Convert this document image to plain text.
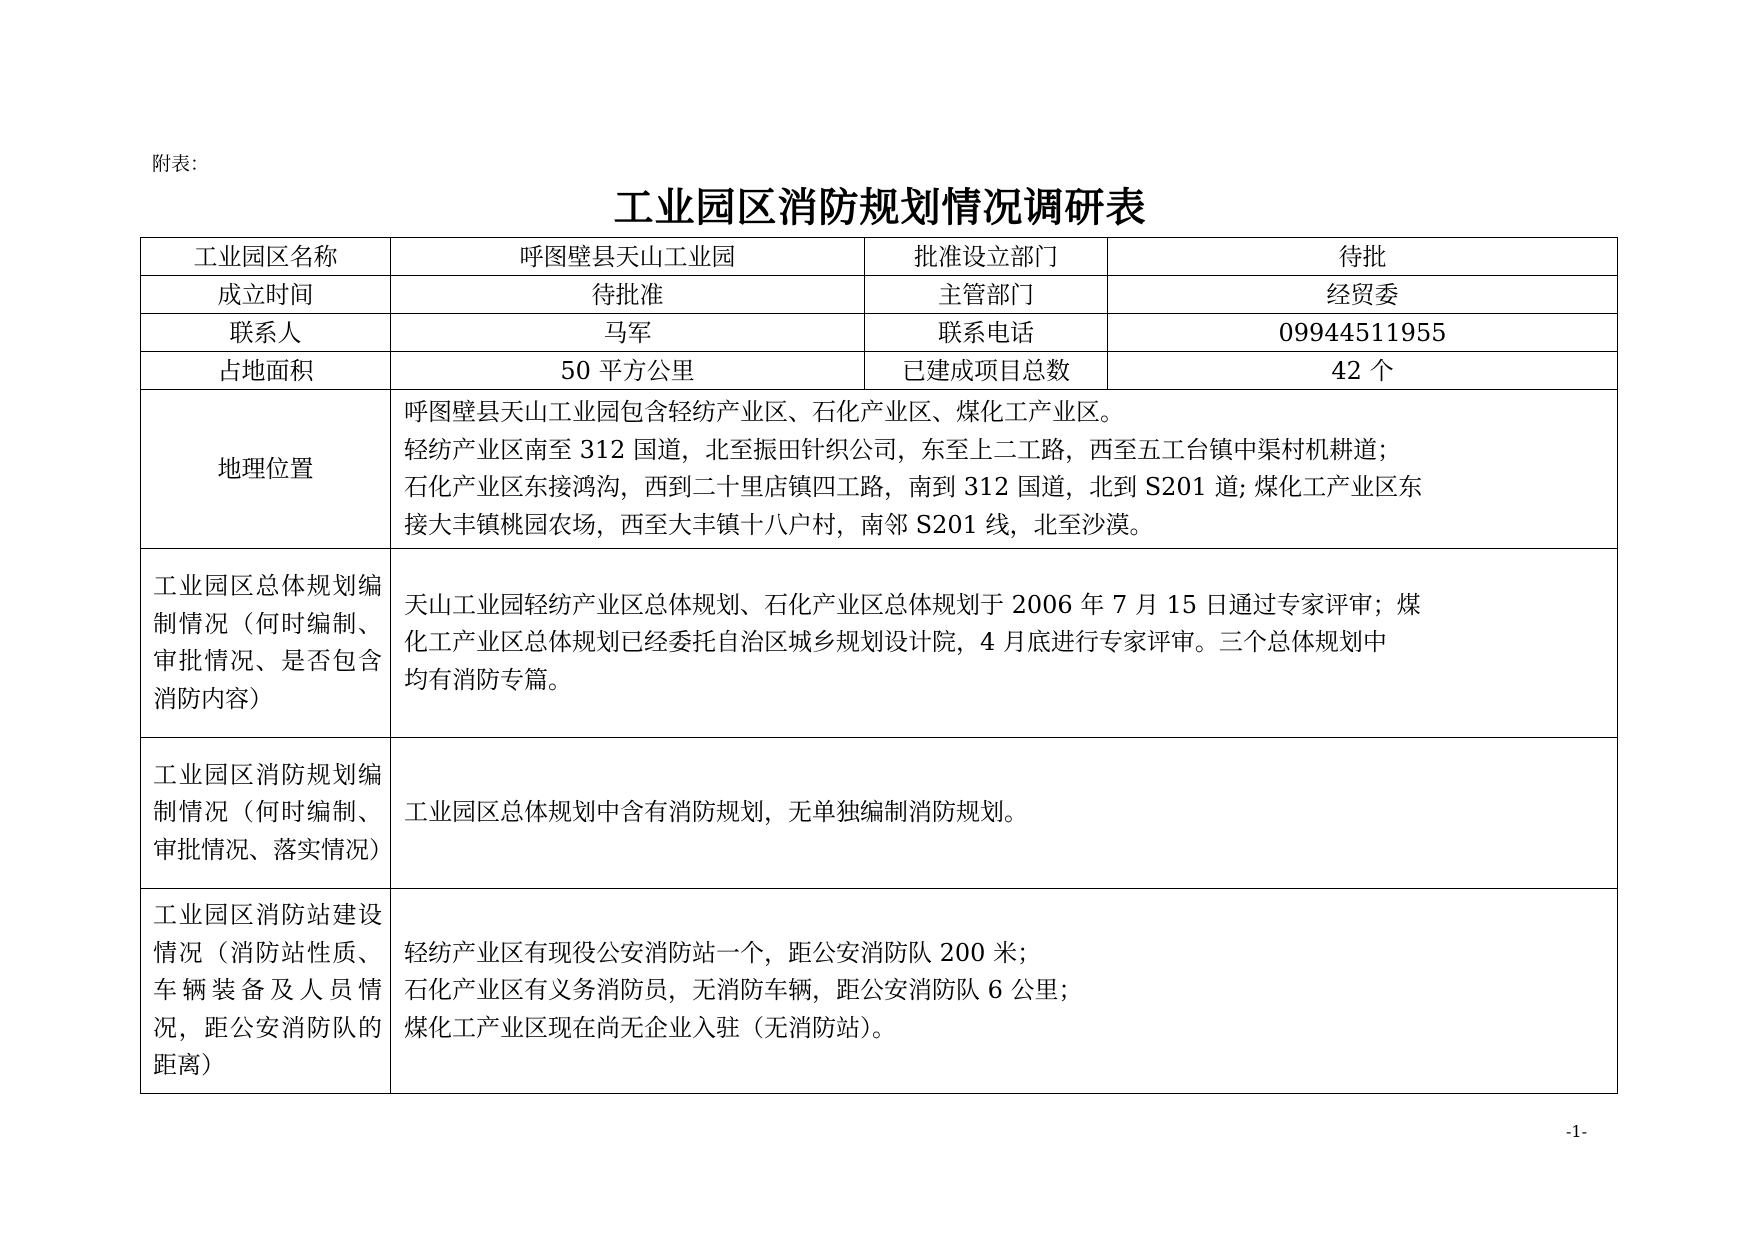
附表：
工业园区消防规划情况调研表
工业园区名称	呼图壁县天山工业园	批准设立部门	待批
成立时间	待批准	主管部门	经贸委
联系人	马军	联系电话	09944511955
占地面积	50 平方公里	已建成项目总数	42 个
地理位置	呼图壁县天山工业园包含轻纺产业区、石化产业区、煤化工产业区。
轻纺产业区南至 312 国道，北至振田针织公司，东至上二工路，西至五工台镇中渠村机耕道；
石化产业区东接鸿沟，西到二十里店镇四工路，南到 312 国道，北到 S201 道; 煤化工产业区东
接大丰镇桃园农场，西至大丰镇十八户村，南邻 S201 线，北至沙漠。		

工业园区总体规划编制情况（何时编制、审批情况、是否包含消防内容）	天山工业园轻纺产业区总体规划、石化产业区总体规划于 2006 年 7 月 15 日通过专家评审；煤
化工产业区总体规划已经委托自治区城乡规划设计院，4 月底进行专家评审。三个总体规划中
均有消防专篇。		

工业园区消防规划编制情况（何时编制、审批情况、落实情况）	工业园区总体规划中含有消防规划，无单独编制消防规划。		

工业园区消防站建设情况（消防站性质、车辆装备及人员情况，距公安消防队的距离）	轻纺产业区有现役公安消防站一个，距公安消防队 200 米；
石化产业区有义务消防员，无消防车辆，距公安消防队 6 公里；
煤化工产业区现在尚无企业入驻（无消防站）。		
-1-
